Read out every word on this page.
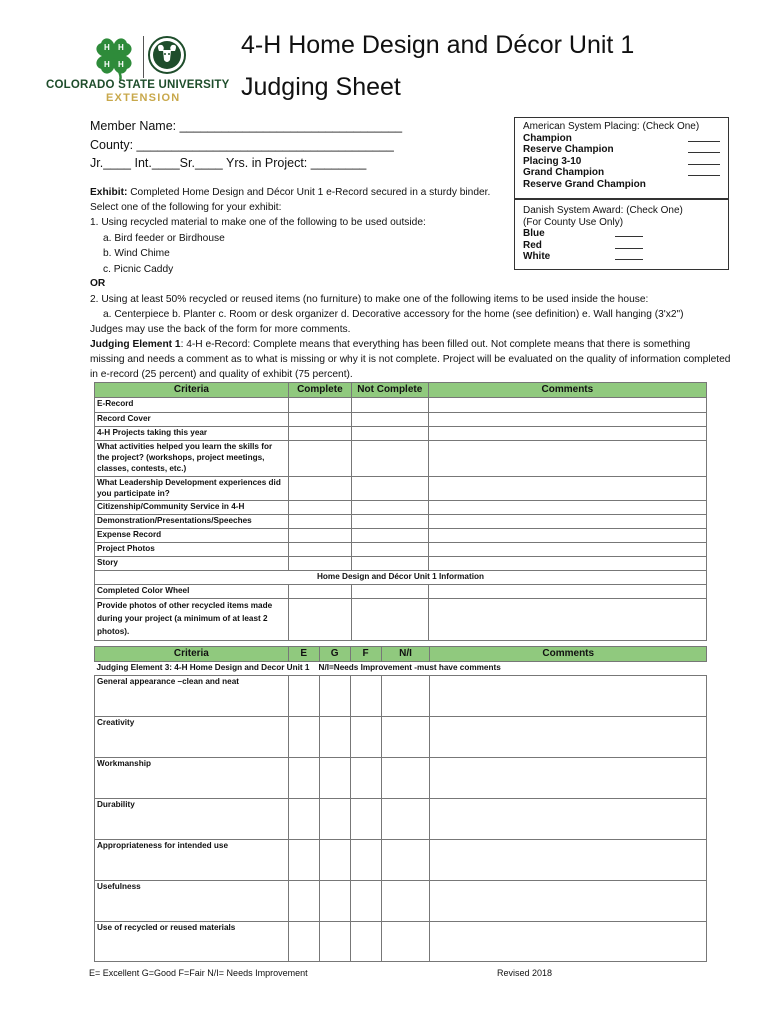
H H
H H
COLORADO STATE UNIVERSITY
EXTENSION
4-H Home Design and Décor Unit 1
Judging Sheet
Member Name: ________________________________
County: _____________________________________
Jr.____ Int.____Sr.____ Yrs. in Project: ________
American System Placing: (Check One)
Champion
Reserve Champion
Placing 3-10
Grand Champion
Reserve Grand Champion
Danish System Award: (Check One)
(For County Use Only)
Blue
Red
White
Exhibit: Completed Home Design and Décor Unit 1 e-Record secured in a sturdy binder.
Select one of the following for your exhibit:
1. Using recycled material to make one of the following to be used outside:
a. Bird feeder or Birdhouse
b. Wind Chime
c. Picnic Caddy
OR
2. Using at least 50% recycled or reused items (no furniture) to make one of the following items to be used inside the house:
a. Centerpiece b. Planter c. Room or desk organizer d. Decorative accessory for the home (see definition) e. Wall hanging (3'x2")
Judges may use the back of the form for more comments.
Judging Element 1: 4-H e-Record: Complete means that everything has been filled out. Not complete means that there is something
missing and needs a comment as to what is missing or why it is not complete. Project will be evaluated on the quality of information completed
in e-record (25 percent) and quality of exhibit (75 percent).
Criteria	Complete	Not Complete	Comments
E-Record			
Record Cover			
4-H Projects taking this year			
What activities helped you learn the skills for the project? (workshops, project meetings, classes, contests, etc.)			
What Leadership Development experiences did you participate in?			
Citizenship/Community Service in 4-H			
Demonstration/Presentations/Speeches			
Expense Record			
Project Photos			
Story			
Home Design and Décor Unit 1 Information			
Completed Color Wheel			
Provide photos of other recycled items made during your project (a minimum of at least 2 photos).			
Criteria	E	G	F	N/I	Comments
Judging Element 3: 4-H Home Design and Decor Unit 1 N/I=Needs Improvement -must have comments					
General appearance –clean and neat					
Creativity					
Workmanship					
Durability					
Appropriateness for intended use					
Usefulness					
Use of recycled or reused materials					
E= Excellent G=Good F=Fair N/I= Needs Improvement	Revised 2018
